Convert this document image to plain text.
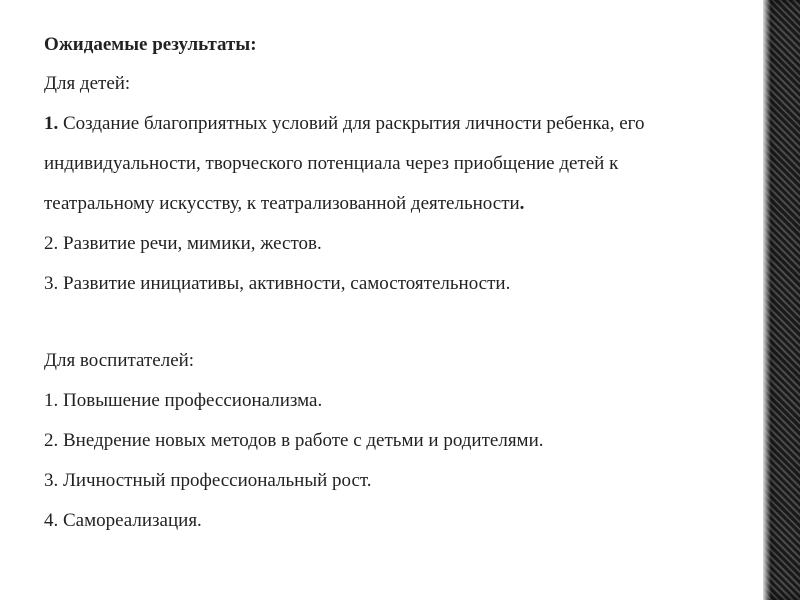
Ожидаемые результаты:
Для детей:
1. Создание благоприятных условий для раскрытия личности ребенка, его
индивидуальности, творческого потенциала через приобщение детей к
театральному искусству, к театрализованной деятельности.
2. Развитие речи, мимики, жестов.
3. Развитие инициативы, активности, самостоятельности.
Для воспитателей:
1. Повышение профессионализма.
2. Внедрение новых методов в работе с детьми и родителями.
3. Личностный профессиональный рост.
4. Самореализация.
